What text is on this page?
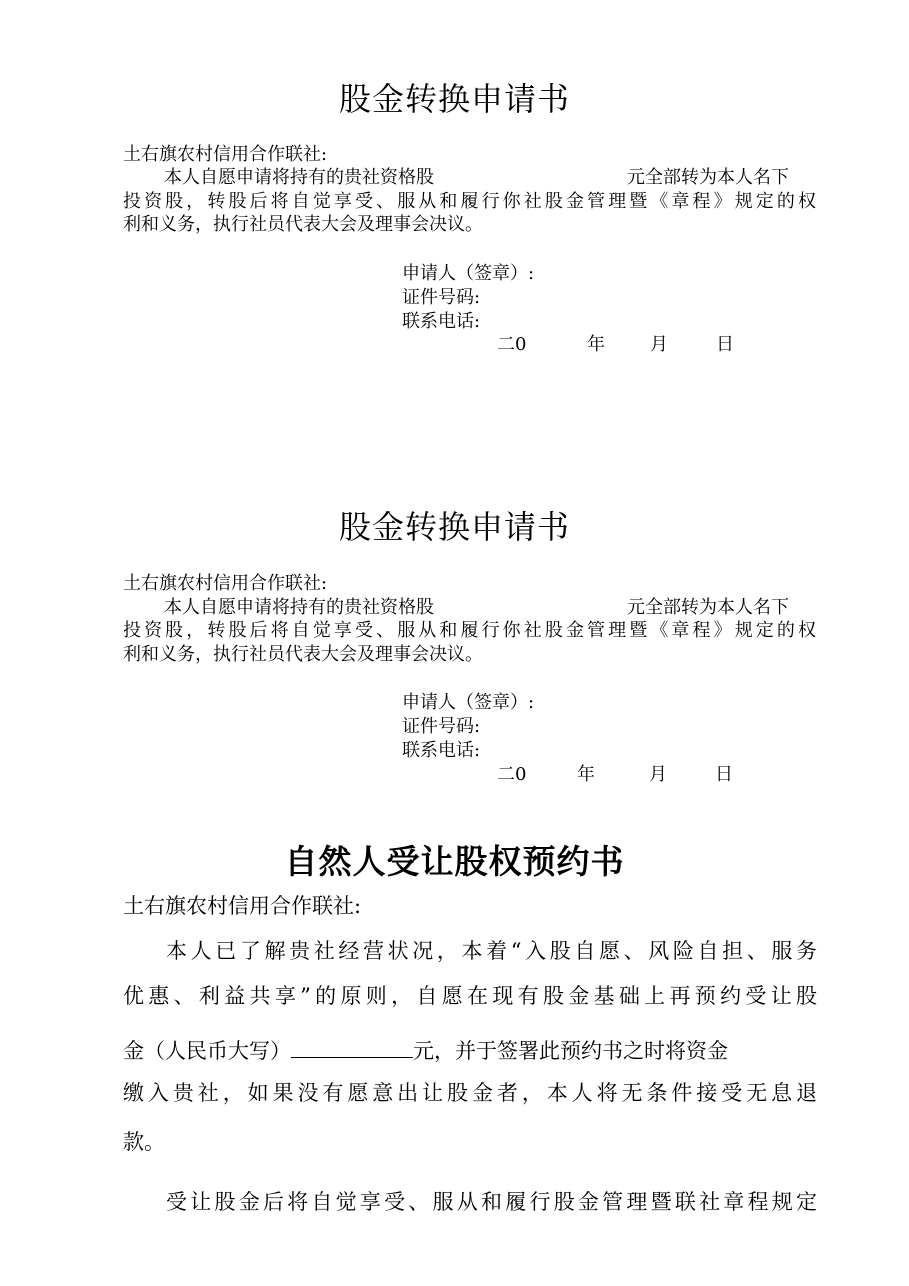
股金转换申请书

土右旗农村信用合作联社:

本人自愿申请将持有的贵社资格股	元全部转为本人名下

投资股，转股后将自觉享受、服从和履行你社股金管理暨《章程》规定的权

利和义务，执行社员代表大会及理事会决议。

申请人（签章）:

证件号码:

联系电话:

二0	年	月	日
股金转换申请书

土右旗农村信用合作联社:

本人自愿申请将持有的贵社资格股	元全部转为本人名下

投资股，转股后将自觉享受、服从和履行你社股金管理暨《章程》规定的权

利和义务，执行社员代表大会及理事会决议。

申请人（签章）:

证件号码:

联系电话:

二0	年	月	日
自然人受让股权预约书

土右旗农村信用合作联社:

本人已了解贵社经营状况，本着“入股自愿、风险自担、服务

优惠、利益共享”的原则，自愿在现有股金基础上再预约受让股

金（人民币大写）	元，并于签署此预约书之时将资金

缴入贵社，如果没有愿意出让股金者，本人将无条件接受无息退

款。

受让股金后将自觉享受、服从和履行股金管理暨联社章程规定
